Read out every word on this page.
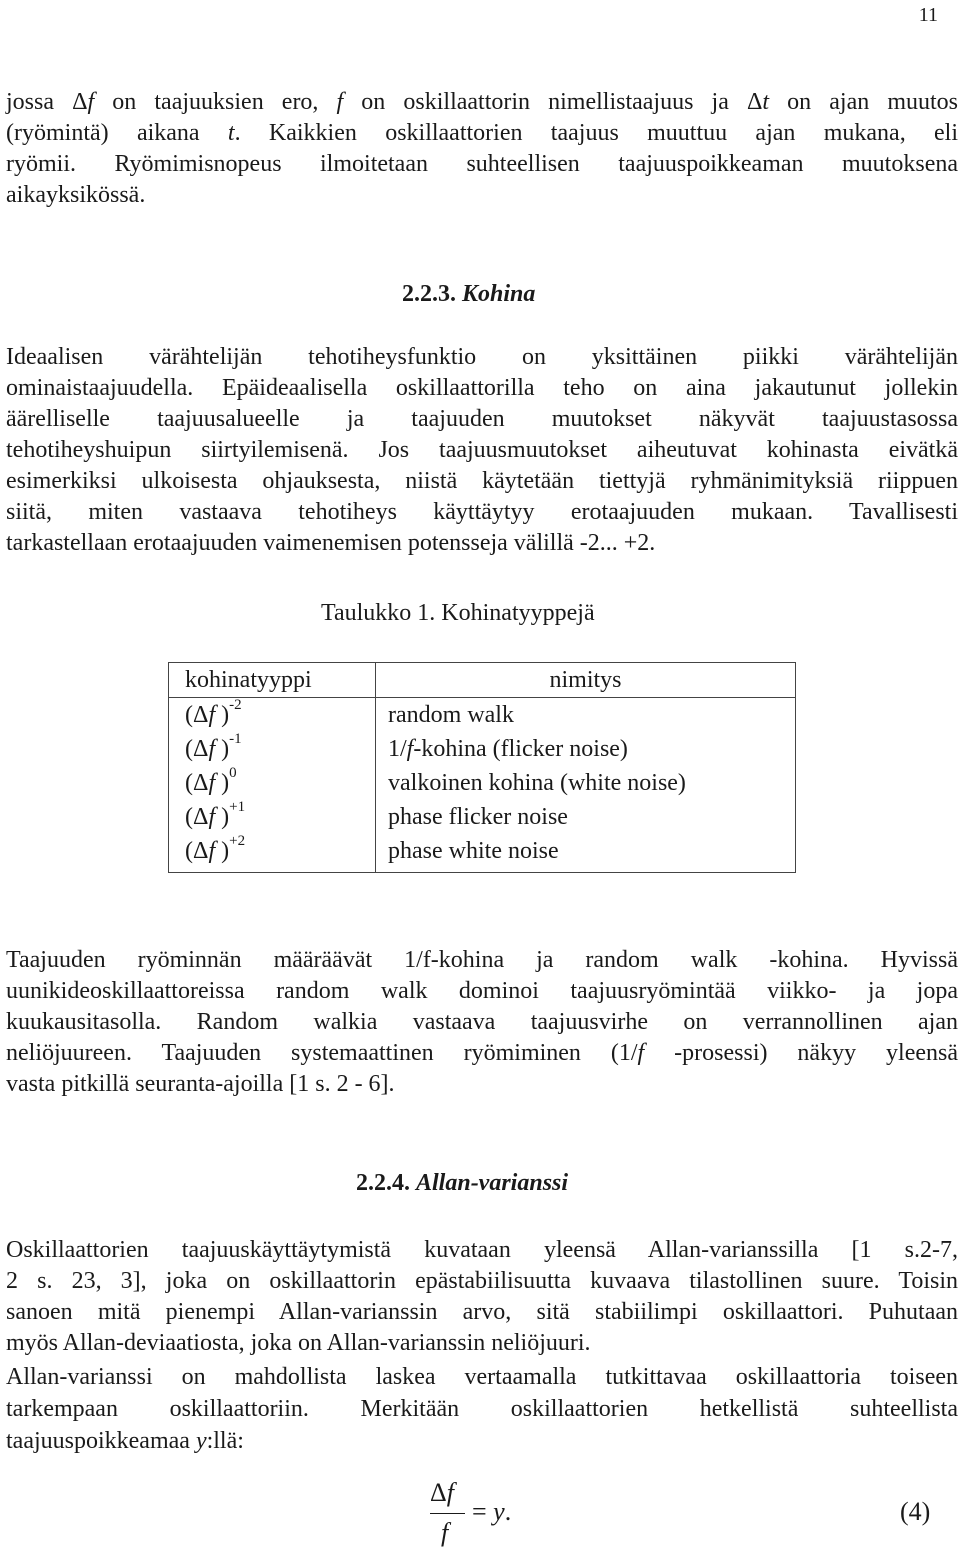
11
jossa Δf on taajuuksien ero, f on oskillaattorin nimellistaajuus ja Δt on ajan muutos
(ryömintä) aikana t. Kaikkien oskillaattorien taajuus muuttuu ajan mukana, eli
ryömii. Ryömimisnopeus ilmoitetaan suhteellisen taajuuspoikkeaman muutoksena
aikayksikössä.
2.2.3. Kohina
Ideaalisen värähtelijän tehotiheysfunktio on yksittäinen piikki värähtelijän
ominaistaajuudella. Epäideaalisella oskillaattorilla teho on aina jakautunut jollekin
äärelliselle taajuusalueelle ja taajuuden muutokset näkyvät taajuustasossa
tehotiheyshuipun siirtyilemisenä. Jos taajuusmuutokset aiheutuvat kohinasta eivätkä
esimerkiksi ulkoisesta ohjauksesta, niistä käytetään tiettyjä ryhmänimityksiä riippuen
siitä, miten vastaava tehotiheys käyttäytyy erotaajuuden mukaan. Tavallisesti
tarkastellaan erotaajuuden vaimenemisen potensseja välillä -2... +2.
Taulukko 1. Kohinatyyppejä
kohinatyyppi	nimitys
(Δf )$^{-2}$	random walk
(Δf )$^{-1}$	1/f-kohina (flicker noise)
(Δf )$^0$	valkoinen kohina (white noise)
(Δf )$^{+1}$	phase flicker noise
(Δf )$^{+2}$	phase white noise
Taajuuden ryöminnän määräävät 1/f-kohina ja random walk -kohina. Hyvissä
uunikideoskillaattoreissa random walk dominoi taajuusryömintää viikko- ja jopa
kuukausitasolla. Random walkia vastaava taajuusvirhe on verrannollinen ajan
neliöjuureen. Taajuuden systemaattinen ryömiminen (1/f -prosessi) näkyy yleensä
vasta pitkillä seuranta-ajoilla [1 s. 2 - 6].
2.2.4. Allan-varianssi
Oskillaattorien taajuuskäyttäytymistä kuvataan yleensä Allan-varianssilla [1 s.2-7,
2 s. 23, 3], joka on oskillaattorin epästabiilisuutta kuvaava tilastollinen suure. Toisin
sanoen mitä pienempi Allan-varianssin arvo, sitä stabiilimpi oskillaattori. Puhutaan
myös Allan-deviaatiosta, joka on Allan-varianssin neliöjuuri.
Allan-varianssi on mahdollista laskea vertaamalla tutkittavaa oskillaattoria toiseen
tarkempaan oskillaattoriin. Merkitään oskillaattorien hetkellistä suhteellista
taajuuspoikkeamaa y:llä:
Δf
f
= y.	(4)
